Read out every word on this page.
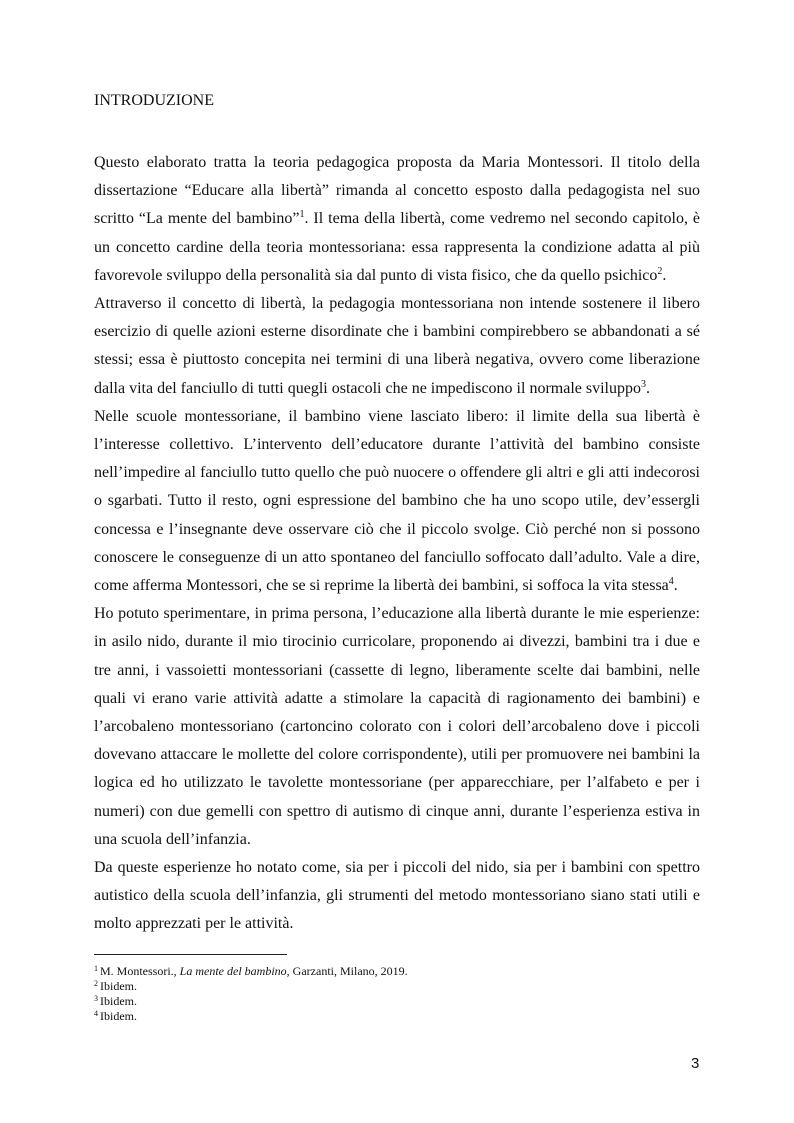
INTRODUZIONE

Questo elaborato tratta la teoria pedagogica proposta da Maria Montessori. Il titolo della dissertazione “Educare alla libertà” rimanda al concetto esposto dalla pedagogista nel suo scritto “La mente del bambino”$^1$. Il tema della libertà, come vedremo nel secondo capitolo, è un concetto cardine della teoria montessoriana: essa rappresenta la condizione adatta al più favorevole sviluppo della personalità sia dal punto di vista fisico, che da quello psichico$^2$.

Attraverso il concetto di libertà, la pedagogia montessoriana non intende sostenere il libero esercizio di quelle azioni esterne disordinate che i bambini compirebbero se abbandonati a sé stessi; essa è piuttosto concepita nei termini di una liberà negativa, ovvero come liberazione dalla vita del fanciullo di tutti quegli ostacoli che ne impediscono il normale sviluppo$^3$.

Nelle scuole montessoriane, il bambino viene lasciato libero: il limite della sua libertà è l’interesse collettivo. L’intervento dell’educatore durante l’attività del bambino consiste nell’impedire al fanciullo tutto quello che può nuocere o offendere gli altri e gli atti indecorosi o sgarbati. Tutto il resto, ogni espressione del bambino che ha uno scopo utile, dev’essergli concessa e l’insegnante deve osservare ciò che il piccolo svolge. Ciò perché non si possono conoscere le conseguenze di un atto spontaneo del fanciullo soffocato dall’adulto. Vale a dire, come afferma Montessori, che se si reprime la libertà dei bambini, si soffoca la vita stessa$^4$.

Ho potuto sperimentare, in prima persona, l’educazione alla libertà durante le mie esperienze: in asilo nido, durante il mio tirocinio curricolare, proponendo ai divezzi, bambini tra i due e tre anni, i vassoietti montessoriani (cassette di legno, liberamente scelte dai bambini, nelle quali vi erano varie attività adatte a stimolare la capacità di ragionamento dei bambini) e l’arcobaleno montessoriano (cartoncino colorato con i colori dell’arcobaleno dove i piccoli dovevano attaccare le mollette del colore corrispondente), utili per promuovere nei bambini la logica ed ho utilizzato le tavolette montessoriane (per apparecchiare, per l’alfabeto e per i numeri) con due gemelli con spettro di autismo di cinque anni, durante l’esperienza estiva in una scuola dell’infanzia.

Da queste esperienze ho notato come, sia per i piccoli del nido, sia per i bambini con spettro autistico della scuola dell’infanzia, gli strumenti del metodo montessoriano siano stati utili e molto apprezzati per le attività.

$^1$ M. Montessori., La mente del bambino, Garzanti, Milano, 2019.
$^2$ Ibidem.
$^3$ Ibidem.
$^4$ Ibidem.
3
